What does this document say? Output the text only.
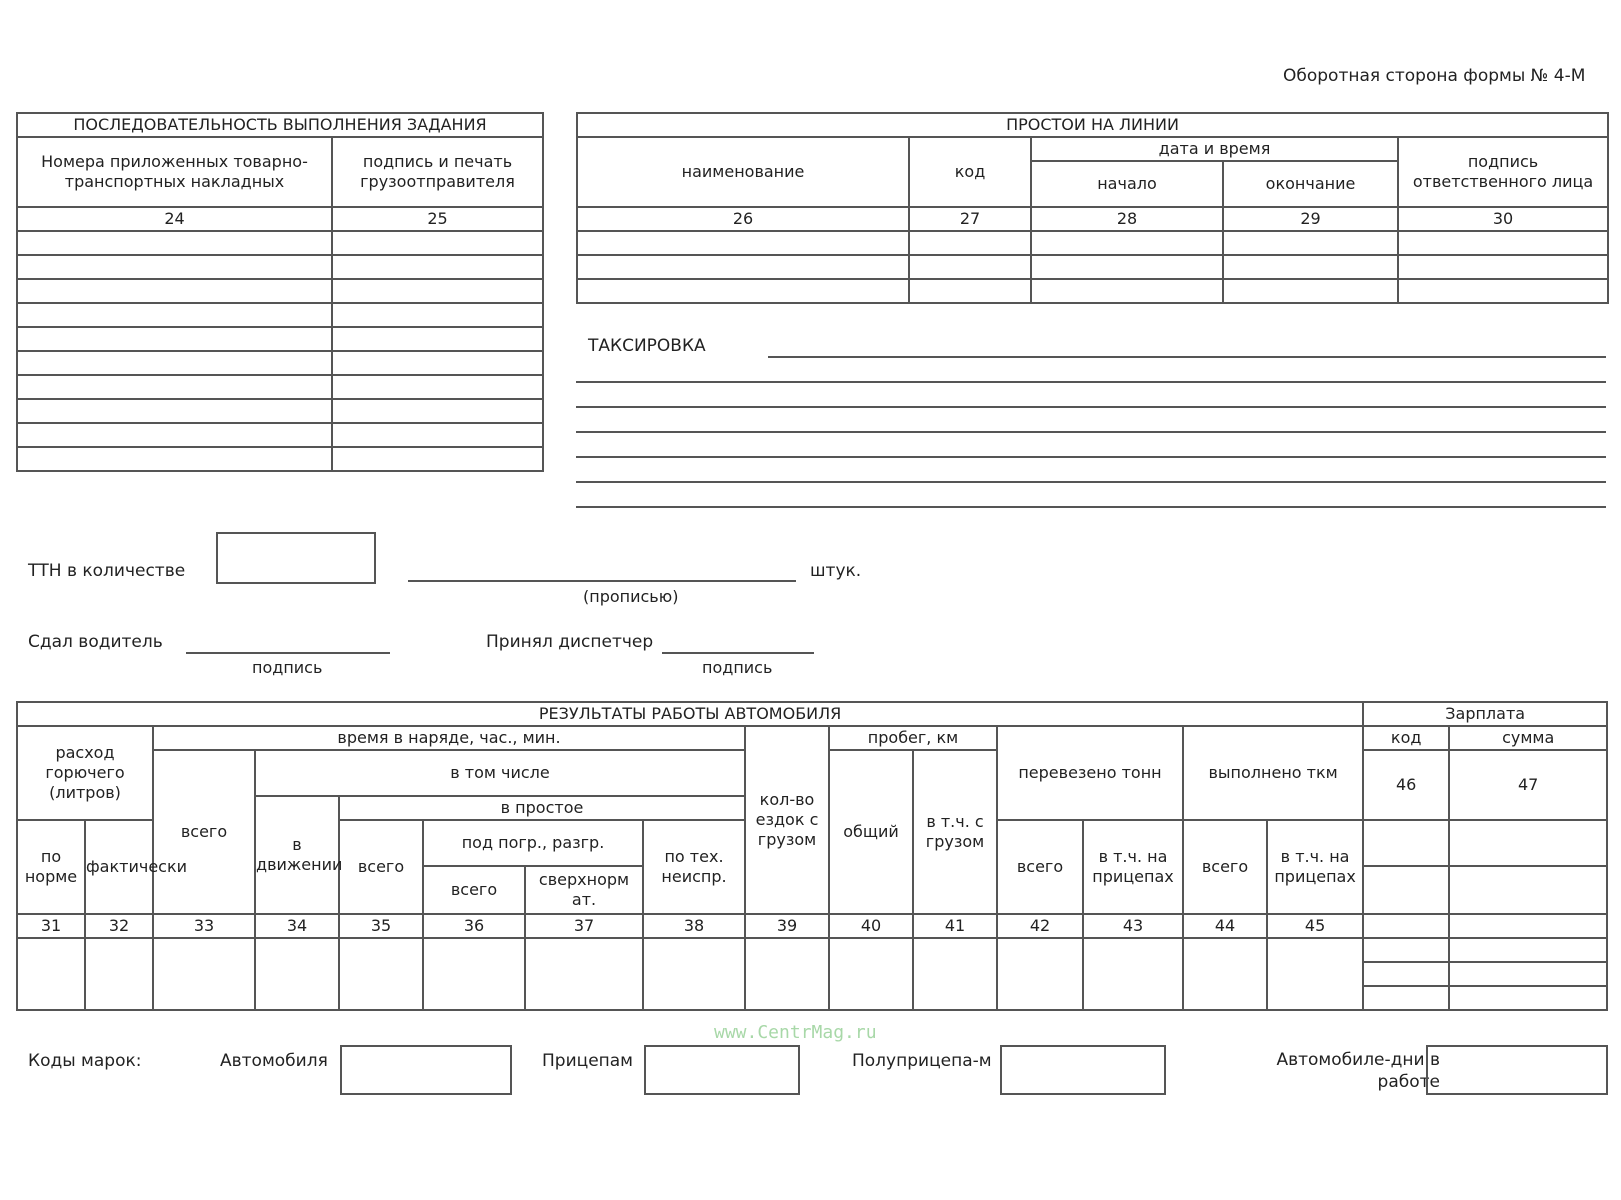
Оборотная сторона формы № 4-М
ПОСЛЕДОВАТЕЛЬНОСТЬ ВЫПОЛНЕНИЯ ЗАДАНИЯ	
Номера приложенных товарно-транспортных накладных	подпись и печать грузоотправителя
24	25

ПРОСТОИ НА ЛИНИИ				
наименование	код	дата и время		подпись ответственного лица
		начало	окончание	
26	27	28	29	30

ТАКСИРОВКА
ТТН в количестве	штук.
(прописью)
Сдал водитель
подпись
Принял диспетчер
подпись
РЕЗУЛЬТАТЫ РАБОТЫ АВТОМОБИЛЯ															Зарплата	
расход горючего (литров)		время в наряде, час., мин.						кол-во ездок с грузом	пробег, км		перевезено тонн		выполнено ткм		код	сумма
		всего	в том числе						общий	в т.ч. с грузом					46	47
			в движении	в простое												
по норме	фактически			всего	под погр., разгр.		по тех. неиспр.				всего	в т.ч. на прицепах	всего	в т.ч. на прицепах		
					всего	сверхнорм ат.										
31	32	33	34	35	36	37	38	39	40	41	42	43	44	45		

www.CentrMag.ru
Коды марок:	Автомобиля	Прицепам	Полуприцепа-м	Автомобиле-дни в работе
